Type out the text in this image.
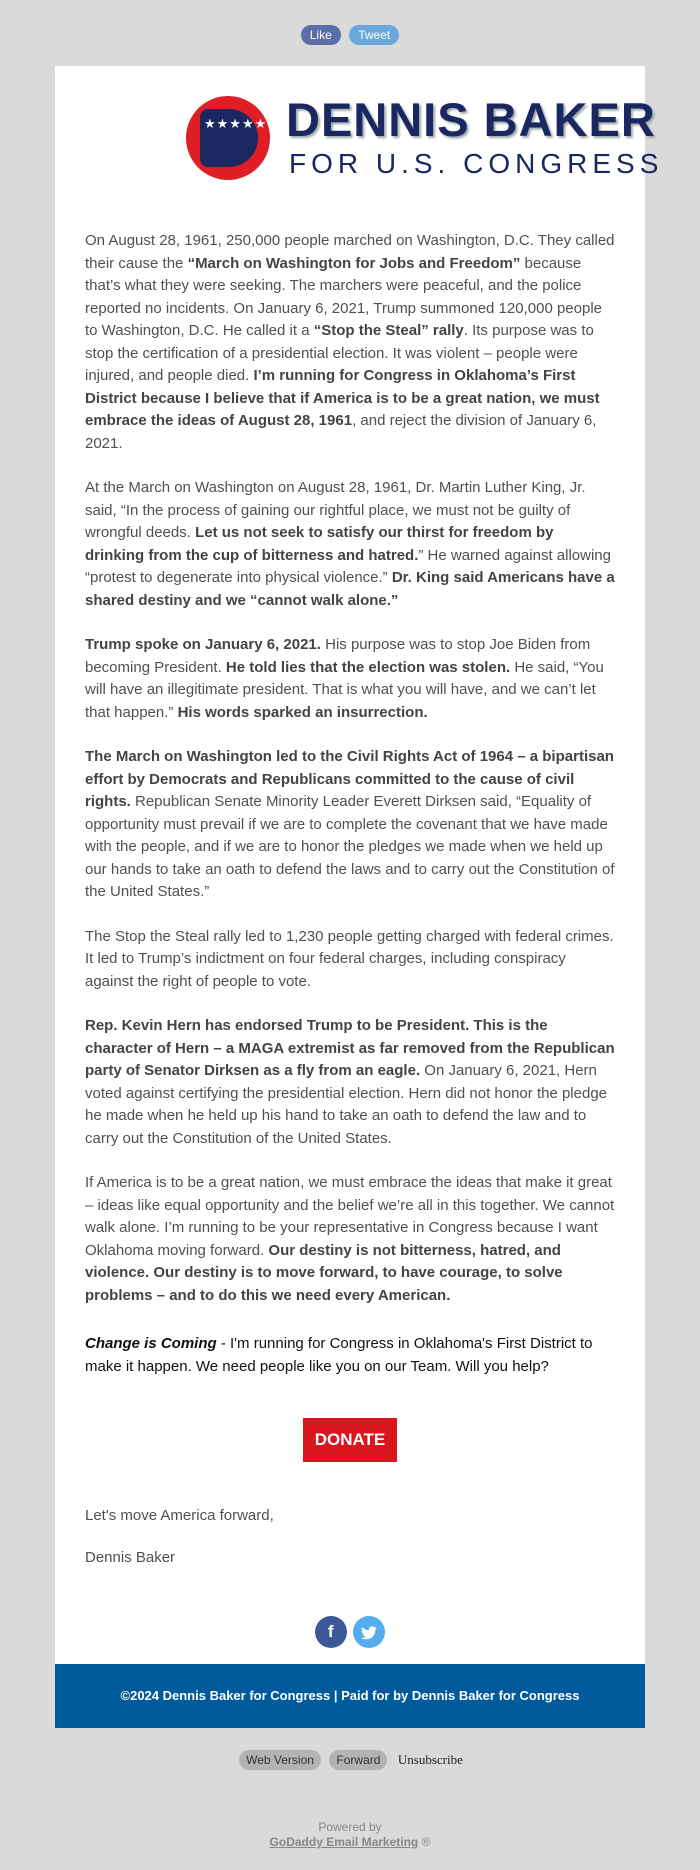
Like Tweet
★★★★★ DENNIS BAKER
FOR U.S. CONGRESS

On August 28, 1961, 250,000 people marched on Washington, D.C. They called their cause the “March on Washington for Jobs and Freedom” because that’s what they were seeking. The marchers were peaceful, and the police reported no incidents. On January 6, 2021, Trump summoned 120,000 people to Washington, D.C. He called it a “Stop the Steal” rally. Its purpose was to stop the certification of a presidential election. It was violent – people were injured, and people died. I’m running for Congress in Oklahoma’s First District because I believe that if America is to be a great nation, we must embrace the ideas of August 28, 1961, and reject the division of January 6, 2021.

At the March on Washington on August 28, 1961, Dr. Martin Luther King, Jr. said, “In the process of gaining our rightful place, we must not be guilty of wrongful deeds. Let us not seek to satisfy our thirst for freedom by drinking from the cup of bitterness and hatred.” He warned against allowing “protest to degenerate into physical violence.” Dr. King said Americans have a shared destiny and we “cannot walk alone.”

Trump spoke on January 6, 2021. His purpose was to stop Joe Biden from becoming President. He told lies that the election was stolen. He said, “You will have an illegitimate president. That is what you will have, and we can’t let that happen.” His words sparked an insurrection.

The March on Washington led to the Civil Rights Act of 1964 – a bipartisan effort by Democrats and Republicans committed to the cause of civil rights. Republican Senate Minority Leader Everett Dirksen said, “Equality of opportunity must prevail if we are to complete the covenant that we have made with the people, and if we are to honor the pledges we made when we held up our hands to take an oath to defend the laws and to carry out the Constitution of the United States.”

The Stop the Steal rally led to 1,230 people getting charged with federal crimes. It led to Trump’s indictment on four federal charges, including conspiracy against the right of people to vote.

Rep. Kevin Hern has endorsed Trump to be President. This is the character of Hern – a MAGA extremist as far removed from the Republican party of Senator Dirksen as a fly from an eagle. On January 6, 2021, Hern voted against certifying the presidential election. Hern did not honor the pledge he made when he held up his hand to take an oath to defend the law and to carry out the Constitution of the United States.

If America is to be a great nation, we must embrace the ideas that make it great – ideas like equal opportunity and the belief we’re all in this together. We cannot walk alone. I’m running to be your representative in Congress because I want Oklahoma moving forward. Our destiny is not bitterness, hatred, and violence. Our destiny is to move forward, to have courage, to solve problems – and to do this we need every American.

Change is Coming - I'm running for Congress in Oklahoma's First District to make it happen. We need people like you on our Team. Will you help?
DONATE
Let's move America forward,
Dennis Baker
f
©2024 Dennis Baker for Congress | Paid for by Dennis Baker for Congress
Web Version Forward Unsubscribe
Powered by
GoDaddy Email Marketing ®
